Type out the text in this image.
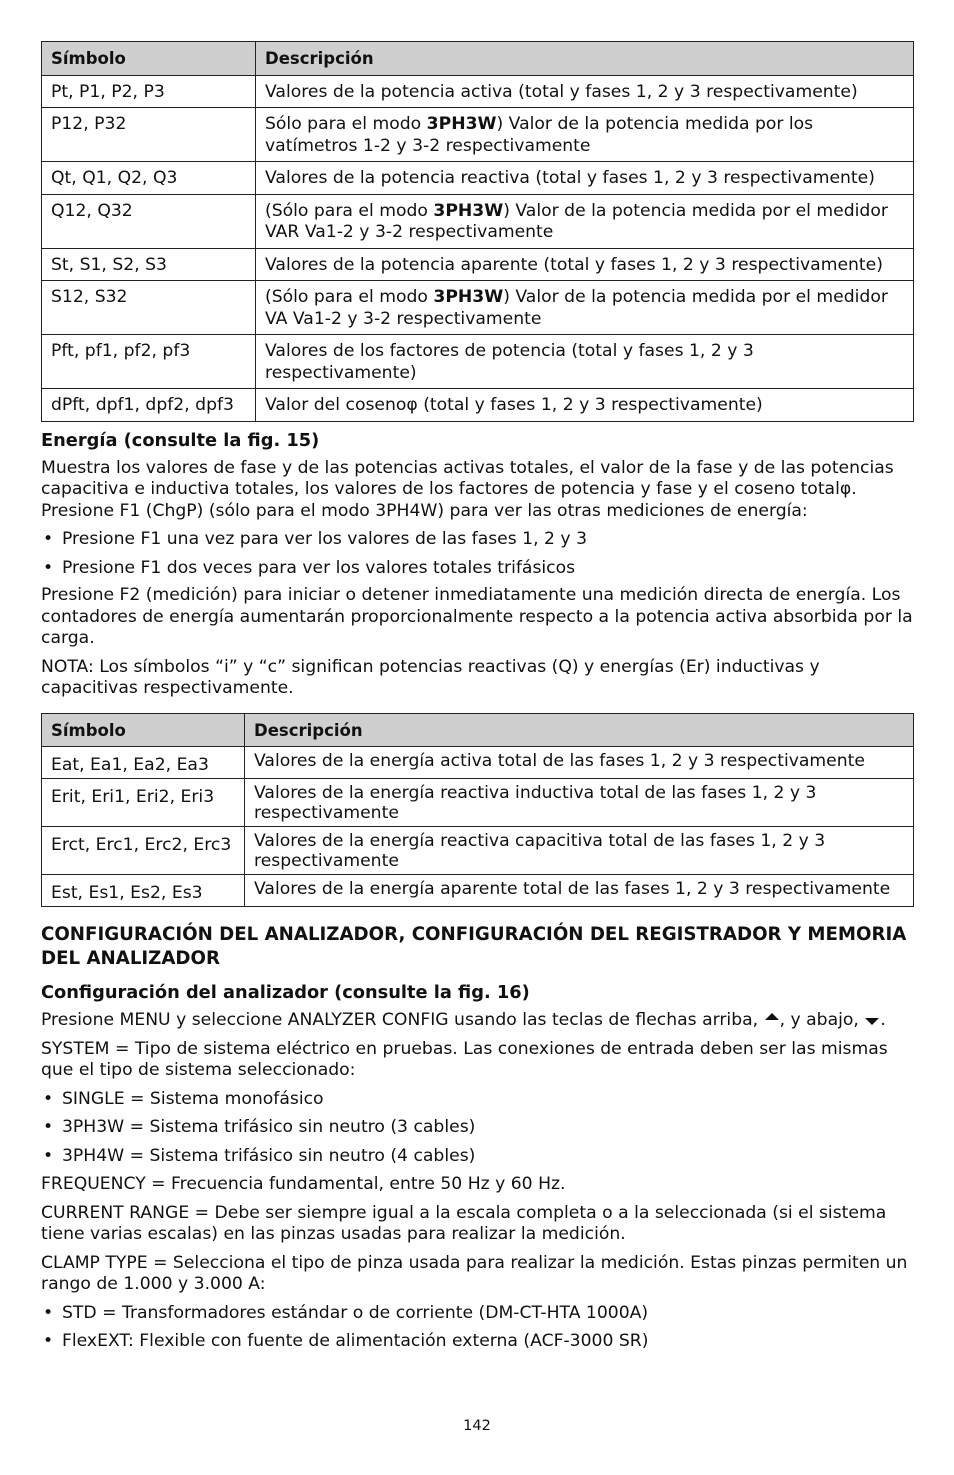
Símbolo	Descripción
Pt, P1, P2, P3	Valores de la potencia activa (total y fases 1, 2 y 3 respectivamente)
P12, P32	Sólo para el modo 3PH3W) Valor de la potencia medida por los vatímetros 1-2 y 3-2 respectivamente
Qt, Q1, Q2, Q3	Valores de la potencia reactiva (total y fases 1, 2 y 3 respectivamente)
Q12, Q32	(Sólo para el modo 3PH3W) Valor de la potencia medida por el medidor VAR Va1-2 y 3-2 respectivamente
St, S1, S2, S3	Valores de la potencia aparente (total y fases 1, 2 y 3 respectivamente)
S12, S32	(Sólo para el modo 3PH3W) Valor de la potencia medida por el medidor VA Va1-2 y 3-2 respectivamente
Pft, pf1, pf2, pf3	Valores de los factores de potencia (total y fases 1, 2 y 3 respectivamente)
dPft, dpf1, dpf2, dpf3	Valor del cosenoφ (total y fases 1, 2 y 3 respectivamente)
Energía (consulte la fig. 15)

Muestra los valores de fase y de las potencias activas totales, el valor de la fase y de las potencias capacitiva e inductiva totales, los valores de los factores de potencia y fase y el coseno totalφ. Presione F1 (ChgP) (sólo para el modo 3PH4W) para ver las otras mediciones de energía:

• Presione F1 una vez para ver los valores de las fases 1, 2 y 3
• Presione F1 dos veces para ver los valores totales trifásicos

Presione F2 (medición) para iniciar o detener inmediatamente una medición directa de energía. Los contadores de energía aumentarán proporcionalmente respecto a la potencia activa absorbida por la carga.

NOTA: Los símbolos “i” y “c” significan potencias reactivas (Q) y energías (Er) inductivas y capacitivas respectivamente.

Símbolo	Descripción
Eat, Ea1, Ea2, Ea3	Valores de la energía activa total de las fases 1, 2 y 3 respectivamente
Erit, Eri1, Eri2, Eri3	Valores de la energía reactiva inductiva total de las fases 1, 2 y 3 respectivamente
Erct, Erc1, Erc2, Erc3	Valores de la energía reactiva capacitiva total de las fases 1, 2 y 3 respectivamente
Est, Es1, Es2, Es3	Valores de la energía aparente total de las fases 1, 2 y 3 respectivamente
CONFIGURACIÓN DEL ANALIZADOR, CONFIGURACIÓN DEL REGISTRADOR Y MEMORIA DEL ANALIZADOR
Configuración del analizador (consulte la fig. 16)

Presione MENU y seleccione ANALYZER CONFIG usando las teclas de flechas arriba, , y abajo, .

SYSTEM = Tipo de sistema eléctrico en pruebas. Las conexiones de entrada deben ser las mismas que el tipo de sistema seleccionado:

• SINGLE = Sistema monofásico
• 3PH3W = Sistema trifásico sin neutro (3 cables)
• 3PH4W = Sistema trifásico sin neutro (4 cables)

FREQUENCY = Frecuencia fundamental, entre 50 Hz y 60 Hz.

CURRENT RANGE = Debe ser siempre igual a la escala completa o a la seleccionada (si el sistema tiene varias escalas) en las pinzas usadas para realizar la medición.

CLAMP TYPE = Selecciona el tipo de pinza usada para realizar la medición. Estas pinzas permiten un rango de 1.000 y 3.000 A:

• STD = Transformadores estándar o de corriente (DM-CT-HTA 1000A)
• FlexEXT: Flexible con fuente de alimentación externa (ACF-3000 SR)
142
